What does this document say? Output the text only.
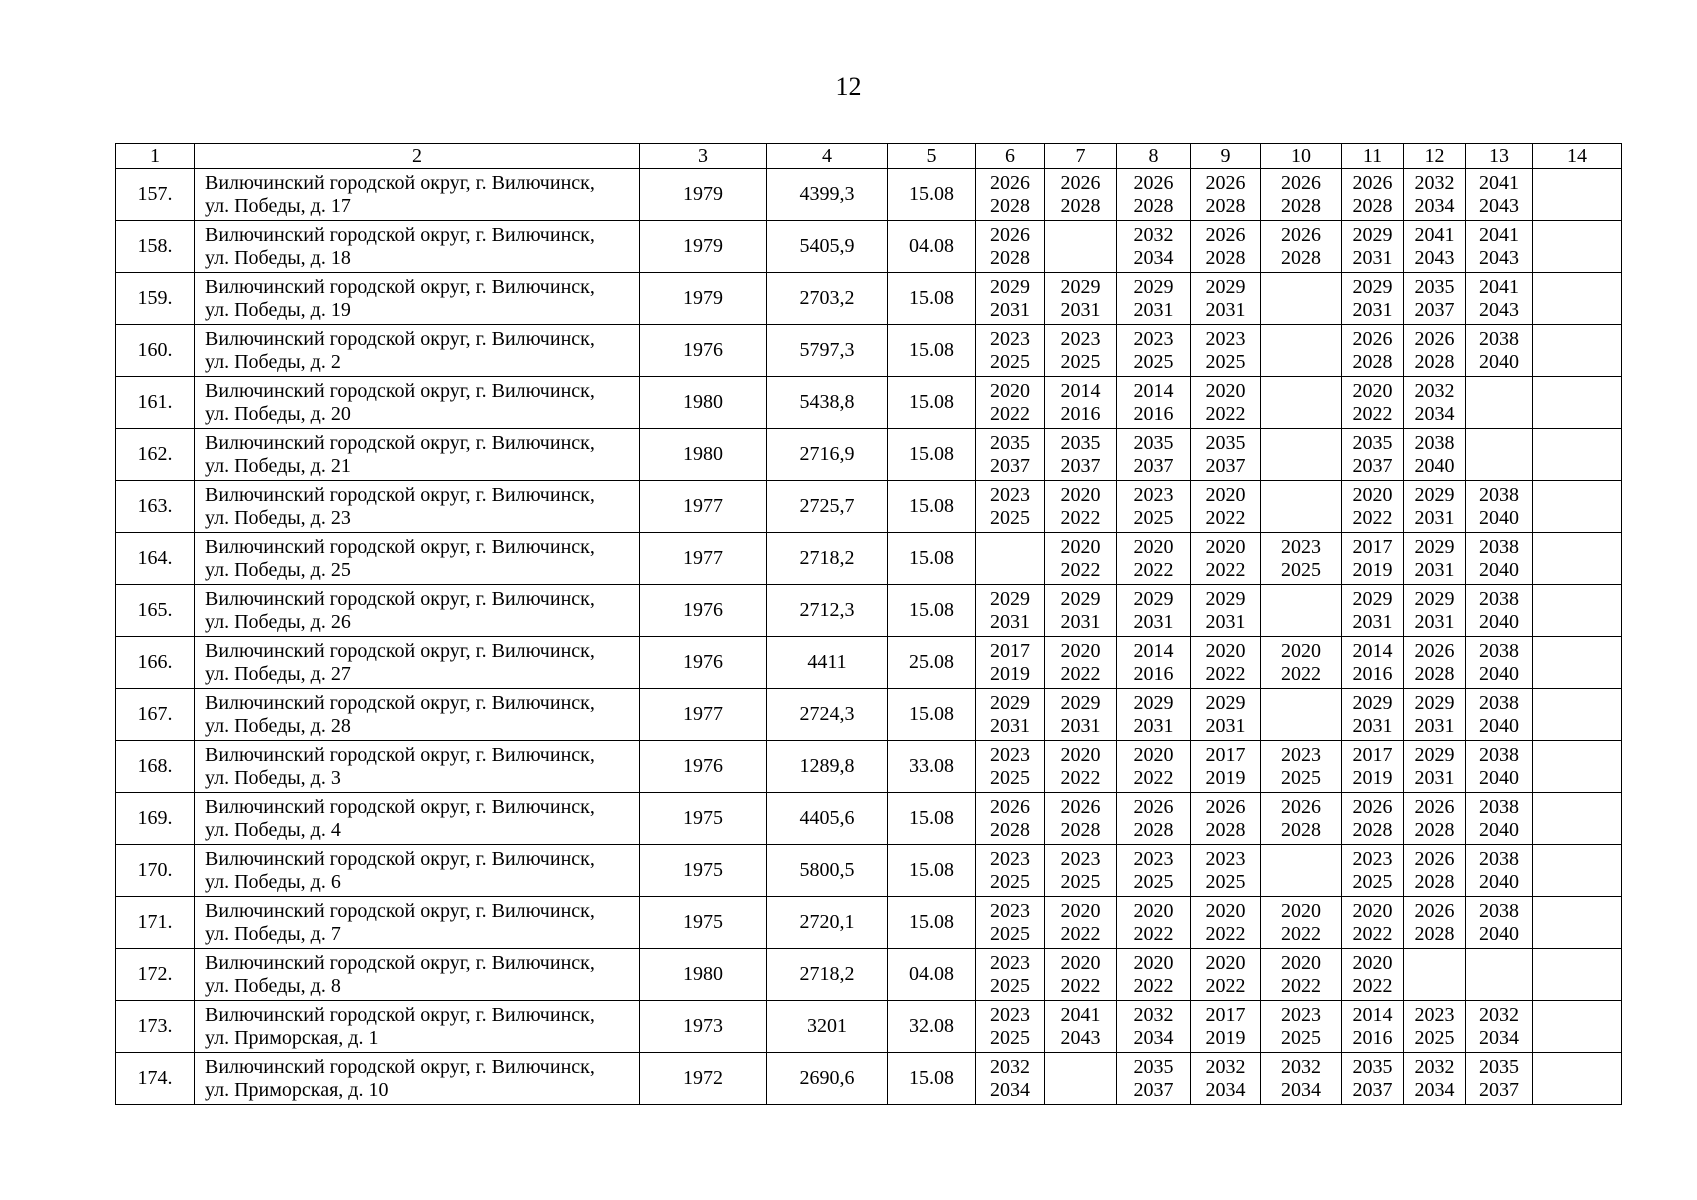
12
1	2	3	4	5	6	7	8	9	10	11	12	13	14
157.	Вилючинский городской округ, г. Вилючинск,
ул. Победы, д. 17	1979	4399,3	15.08	2026
2028	2026
2028	2026
2028	2026
2028	2026
2028	2026
2028	2032
2034	2041
2043	

158.	Вилючинский городской округ, г. Вилючинск,
ул. Победы, д. 18	1979	5405,9	04.08	2026
2028		2032
2034	2026
2028	2026
2028	2029
2031	2041
2043	2041
2043	

159.	Вилючинский городской округ, г. Вилючинск,
ул. Победы, д. 19	1979	2703,2	15.08	2029
2031	2029
2031	2029
2031	2029
2031		2029
2031	2035
2037	2041
2043	

160.	Вилючинский городской округ, г. Вилючинск,
ул. Победы, д. 2	1976	5797,3	15.08	2023
2025	2023
2025	2023
2025	2023
2025		2026
2028	2026
2028	2038
2040	

161.	Вилючинский городской округ, г. Вилючинск,
ул. Победы, д. 20	1980	5438,8	15.08	2020
2022	2014
2016	2014
2016	2020
2022		2020
2022	2032
2034		

162.	Вилючинский городской округ, г. Вилючинск,
ул. Победы, д. 21	1980	2716,9	15.08	2035
2037	2035
2037	2035
2037	2035
2037		2035
2037	2038
2040		

163.	Вилючинский городской округ, г. Вилючинск,
ул. Победы, д. 23	1977	2725,7	15.08	2023
2025	2020
2022	2023
2025	2020
2022		2020
2022	2029
2031	2038
2040	

164.	Вилючинский городской округ, г. Вилючинск,
ул. Победы, д. 25	1977	2718,2	15.08		2020
2022	2020
2022	2020
2022	2023
2025	2017
2019	2029
2031	2038
2040	

165.	Вилючинский городской округ, г. Вилючинск,
ул. Победы, д. 26	1976	2712,3	15.08	2029
2031	2029
2031	2029
2031	2029
2031		2029
2031	2029
2031	2038
2040	

166.	Вилючинский городской округ, г. Вилючинск,
ул. Победы, д. 27	1976	4411	25.08	2017
2019	2020
2022	2014
2016	2020
2022	2020
2022	2014
2016	2026
2028	2038
2040	

167.	Вилючинский городской округ, г. Вилючинск,
ул. Победы, д. 28	1977	2724,3	15.08	2029
2031	2029
2031	2029
2031	2029
2031		2029
2031	2029
2031	2038
2040	

168.	Вилючинский городской округ, г. Вилючинск,
ул. Победы, д. 3	1976	1289,8	33.08	2023
2025	2020
2022	2020
2022	2017
2019	2023
2025	2017
2019	2029
2031	2038
2040	

169.	Вилючинский городской округ, г. Вилючинск,
ул. Победы, д. 4	1975	4405,6	15.08	2026
2028	2026
2028	2026
2028	2026
2028	2026
2028	2026
2028	2026
2028	2038
2040	

170.	Вилючинский городской округ, г. Вилючинск,
ул. Победы, д. 6	1975	5800,5	15.08	2023
2025	2023
2025	2023
2025	2023
2025		2023
2025	2026
2028	2038
2040	

171.	Вилючинский городской округ, г. Вилючинск,
ул. Победы, д. 7	1975	2720,1	15.08	2023
2025	2020
2022	2020
2022	2020
2022	2020
2022	2020
2022	2026
2028	2038
2040	

172.	Вилючинский городской округ, г. Вилючинск,
ул. Победы, д. 8	1980	2718,2	04.08	2023
2025	2020
2022	2020
2022	2020
2022	2020
2022	2020
2022			

173.	Вилючинский городской округ, г. Вилючинск,
ул. Приморская, д. 1	1973	3201	32.08	2023
2025	2041
2043	2032
2034	2017
2019	2023
2025	2014
2016	2023
2025	2032
2034	

174.	Вилючинский городской округ, г. Вилючинск,
ул. Приморская, д. 10	1972	2690,6	15.08	2032
2034		2035
2037	2032
2034	2032
2034	2035
2037	2032
2034	2035
2037	
